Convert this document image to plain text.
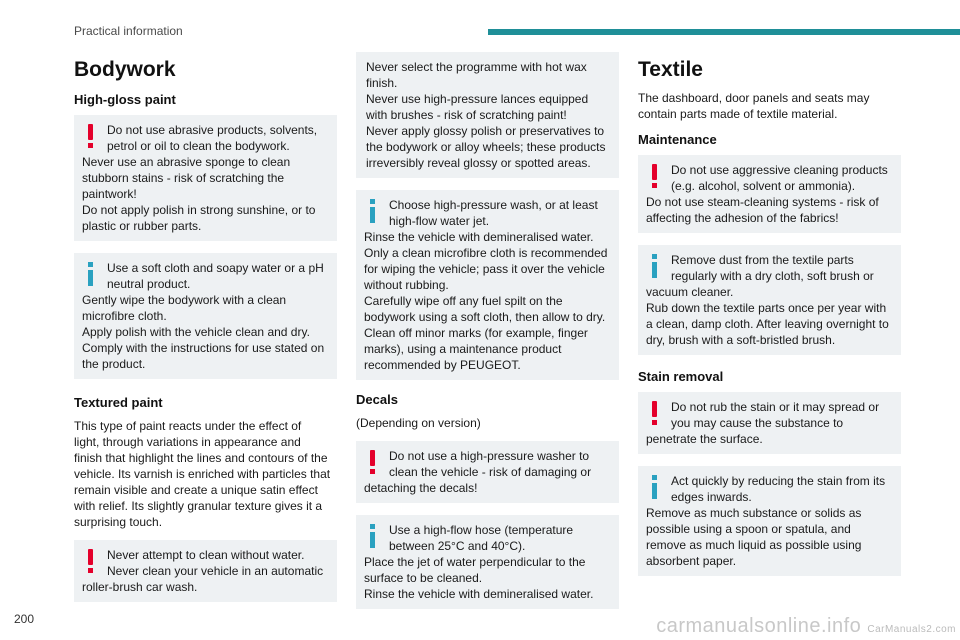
Practical information
Bodywork
High-gloss paint
Do not use abrasive products, solvents,
petrol or oil to clean the bodywork.
Never use an abrasive sponge to clean
stubborn stains - risk of scratching the
paintwork!
Do not apply polish in strong sunshine, or to
plastic or rubber parts.
Use a soft cloth and soapy water or a pH
neutral product.
Gently wipe the bodywork with a clean
microfibre cloth.
Apply polish with the vehicle clean and dry.
Comply with the instructions for use stated on
the product.
Textured paint

This type of paint reacts under the effect of
light, through variations in appearance and
finish that highlight the lines and contours of the
vehicle. Its varnish is enriched with particles that
remain visible and create a unique satin effect
with relief. Its slightly granular texture gives it a
surprising touch.

Never attempt to clean without water.
Never clean your vehicle in an automatic
roller-brush car wash.
Never select the programme with hot wax
finish.
Never use high-pressure lances equipped
with brushes - risk of scratching paint!
Never apply glossy polish or preservatives to
the bodywork or alloy wheels; these products
irreversibly reveal glossy or spotted areas.
Choose high-pressure wash, or at least
high-flow water jet.
Rinse the vehicle with demineralised water.
Only a clean microfibre cloth is recommended
for wiping the vehicle; pass it over the vehicle
without rubbing.
Carefully wipe off any fuel spilt on the
bodywork using a soft cloth, then allow to dry.
Clean off minor marks (for example, finger
marks), using a maintenance product
recommended by PEUGEOT.
Decals

(Depending on version)

Do not use a high-pressure washer to
clean the vehicle - risk of damaging or
detaching the decals!
Use a high-flow hose (temperature
between 25°C and 40°C).
Place the jet of water perpendicular to the
surface to be cleaned.
Rinse the vehicle with demineralised water.
Textile

The dashboard, door panels and seats may
contain parts made of textile material.

Maintenance
Do not use aggressive cleaning products
(e.g. alcohol, solvent or ammonia).
Do not use steam-cleaning systems - risk of
affecting the adhesion of the fabrics!
Remove dust from the textile parts
regularly with a dry cloth, soft brush or
vacuum cleaner.
Rub down the textile parts once per year with
a clean, damp cloth. After leaving overnight to
dry, brush with a soft-bristled brush.
Stain removal
Do not rub the stain or it may spread or
you may cause the substance to
penetrate the surface.
Act quickly by reducing the stain from its
edges inwards.
Remove as much substance or solids as
possible using a spoon or spatula, and
remove as much liquid as possible using
absorbent paper.
200	carmanualsonline.info CarManuals2.com
